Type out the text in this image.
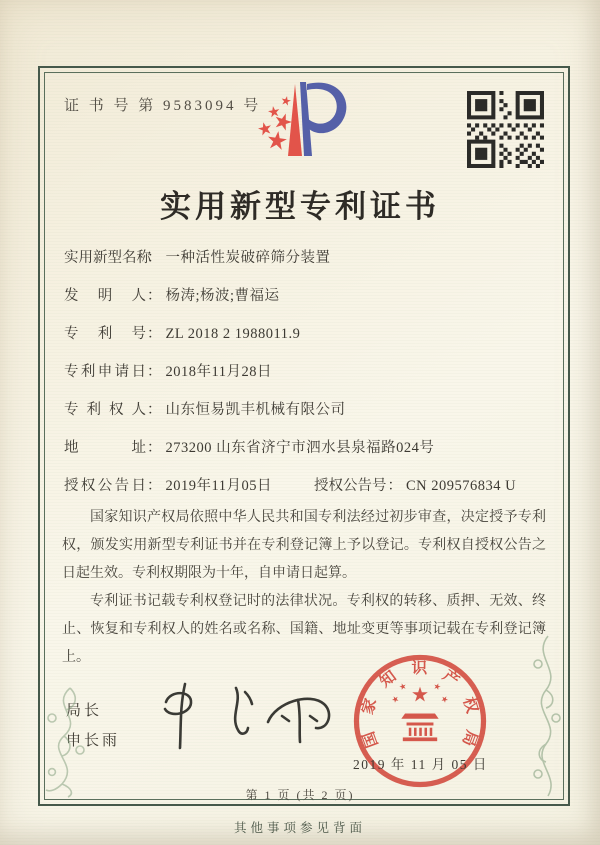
证 书 号 第 9583094 号
实用新型专利证书
实用新型名称： 一种活性炭破碎筛分装置
发明人： 杨涛;杨波;曹福运
专利号： ZL 2018 2 1988011.9
专利申请日： 2018年11月28日
专利权人： 山东恒易凯丰机械有限公司
地址： 273200 山东省济宁市泗水县泉福路024号
授权公告日： 2019年11月05日	授权公告号： CN 209576834 U

国家知识产权局依照中华人民共和国专利法经过初步审查，决定授予专利权，颁发实用新型专利证书并在专利登记簿上予以登记。专利权自授权公告之日起生效。专利权期限为十年，自申请日起算。

专利证书记载专利权登记时的法律状况。专利权的转移、质押、无效、终止、恢复和专利权人的姓名或名称、国籍、地址变更等事项记载在专利登记簿上。

局长
申长雨	国家知识产权局
2019 年 11 月 05 日
第 1 页 (共 2 页)
其他事项参见背面
